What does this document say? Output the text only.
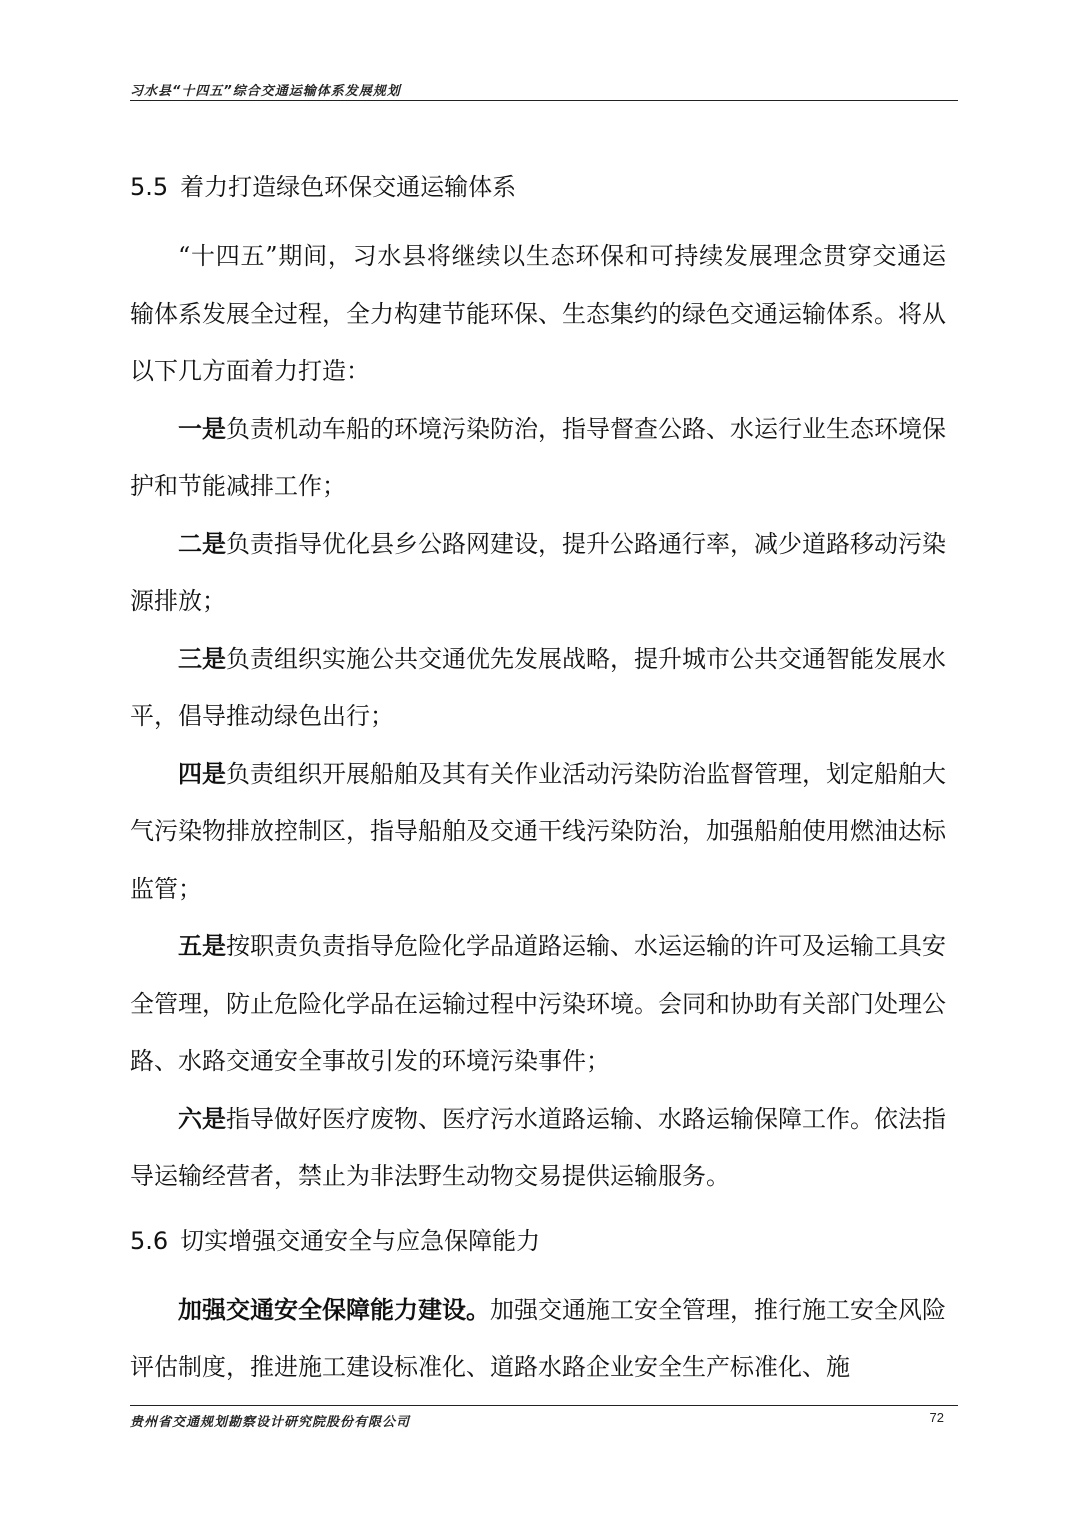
习水县“十四五”综合交通运输体系发展规划
5.5 着力打造绿色环保交通运输体系

“十四五”期间，习水县将继续以生态环保和可持续发展理念贯穿交通运输体系发展全过程，全力构建节能环保、生态集约的绿色交通运输体系。将从以下几方面着力打造：

一是负责机动车船的环境污染防治，指导督查公路、水运行业生态环境保护和节能减排工作；

二是负责指导优化县乡公路网建设，提升公路通行率，减少道路移动污染源排放；

三是负责组织实施公共交通优先发展战略，提升城市公共交通智能发展水平，倡导推动绿色出行；

四是负责组织开展船舶及其有关作业活动污染防治监督管理，划定船舶大气污染物排放控制区，指导船舶及交通干线污染防治，加强船舶使用燃油达标监管；

五是按职责负责指导危险化学品道路运输、水运运输的许可及运输工具安全管理，防止危险化学品在运输过程中污染环境。会同和协助有关部门处理公路、水路交通安全事故引发的环境污染事件；

六是指导做好医疗废物、医疗污水道路运输、水路运输保障工作。依法指导运输经营者，禁止为非法野生动物交易提供运输服务。

5.6 切实增强交通安全与应急保障能力

加强交通安全保障能力建设。加强交通施工安全管理，推行施工安全风险评估制度，推进施工建设标准化、道路水路企业安全生产标准化、施

贵州省交通规划勘察设计研究院股份有限公司	72
